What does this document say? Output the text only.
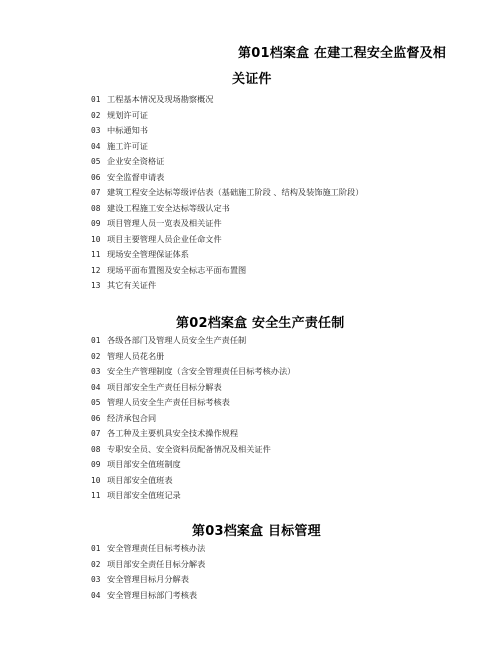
第01档案盒 在建工程安全监督及相
关证件
01 工程基本情况及现场勘察概况
02 规划许可证
03 中标通知书
04 施工许可证
05 企业安全资格证
06 安全监督申请表
07 建筑工程安全达标等级评估表（基础施工阶段 、结构及装饰施工阶段）
08 建设工程施工安全达标等级认定书
09 项目管理人员一览表及相关证件
10 项目主要管理人员企业任命文件
11 现场安全管理保证体系
12 现场平面布置图及安全标志平面布置图
13 其它有关证件
第02档案盒 安全生产责任制
01 各级各部门及管理人员安全生产责任制
02 管理人员花名册
03 安全生产管理制度（含安全管理责任目标考核办法）
04 项目部安全生产责任目标分解表
05 管理人员安全生产责任目标考核表
06 经济承包合同
07 各工种及主要机具安全技术操作规程
08 专职安全员、安全资料员配备情况及相关证件
09 项目部安全值班制度
10 项目部安全值班表
11 项目部安全值班记录
第03档案盒 目标管理
01 安全管理责任目标考核办法
02 项目部安全责任目标分解表
03 安全管理目标月分解表
04 安全管理目标部门考核表
